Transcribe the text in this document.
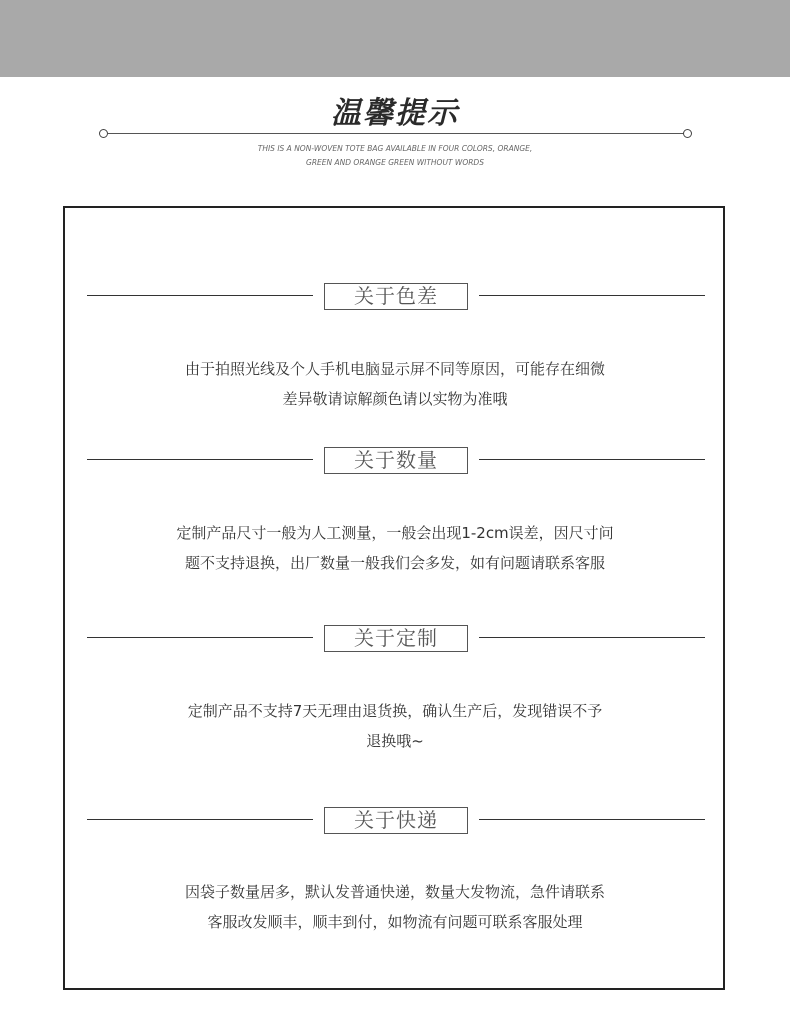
温馨提示
THIS IS A NON-WOVEN TOTE BAG AVAILABLE IN FOUR COLORS, ORANGE,
GREEN AND ORANGE GREEN WITHOUT WORDS
关于色差
由于拍照光线及个人手机电脑显示屏不同等原因，可能存在细微
差异敬请谅解颜色请以实物为准哦
关于数量
定制产品尺寸一般为人工测量，一般会出现1-2cm误差，因尺寸问
题不支持退换，出厂数量一般我们会多发，如有问题请联系客服
关于定制
定制产品不支持7天无理由退货换，确认生产后，发现错误不予
退换哦~
关于快递
因袋子数量居多，默认发普通快递，数量大发物流，急件请联系
客服改发顺丰，顺丰到付，如物流有问题可联系客服处理
